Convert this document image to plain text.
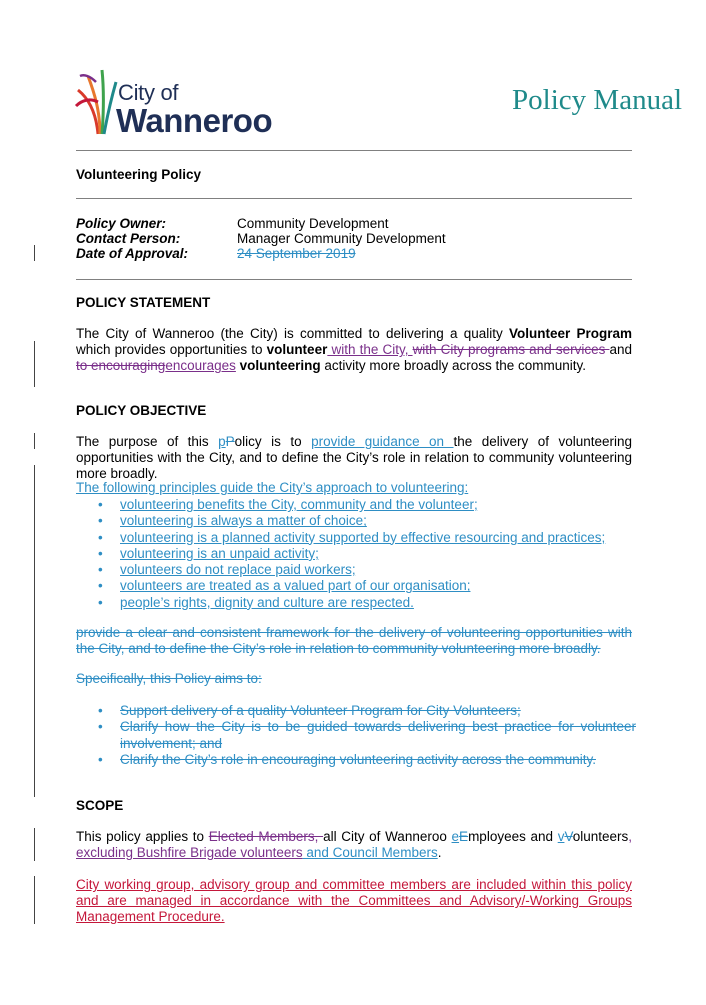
City of
Wanneroo
Policy Manual
Volunteering Policy
Policy Owner:	Community Development
Contact Person:	Manager Community Development
Date of Approval:	24 September 2019
POLICY STATEMENT
The City of Wanneroo (the City) is committed to delivering a quality Volunteer Program which provides opportunities to volunteer with the City, with City programs and services and to encouragingencourages volunteering activity more broadly across the community.
POLICY OBJECTIVE
The purpose of this pPolicy is to provide guidance on the delivery of volunteering opportunities with the City, and to define the City’s role in relation to community volunteering more broadly.
The following principles guide the City’s approach to volunteering:
• volunteering benefits the City, community and the volunteer;
• volunteering is always a matter of choice;
• volunteering is a planned activity supported by effective resourcing and practices;
• volunteering is an unpaid activity;
• volunteers do not replace paid workers;
• volunteers are treated as a valued part of our organisation;
• people’s rights, dignity and culture are respected.
provide a clear and consistent framework for the delivery of volunteering opportunities with the City, and to define the City’s role in relation to community volunteering more broadly.
Specifically, this Policy aims to:
• Support delivery of a quality Volunteer Program for City Volunteers;
• Clarify how the City is to be guided towards delivering best practice for volunteer involvement; and
• Clarify the City’s role in encouraging volunteering activity across the community.
SCOPE
This policy applies to Elected Members, all City of Wanneroo eEmployees and vVolunteers, excluding Bushfire Brigade volunteers and Council Members.
City working group, advisory group and committee members are included within this policy and are managed in accordance with the Committees and Advisory/-Working Groups Management Procedure.
